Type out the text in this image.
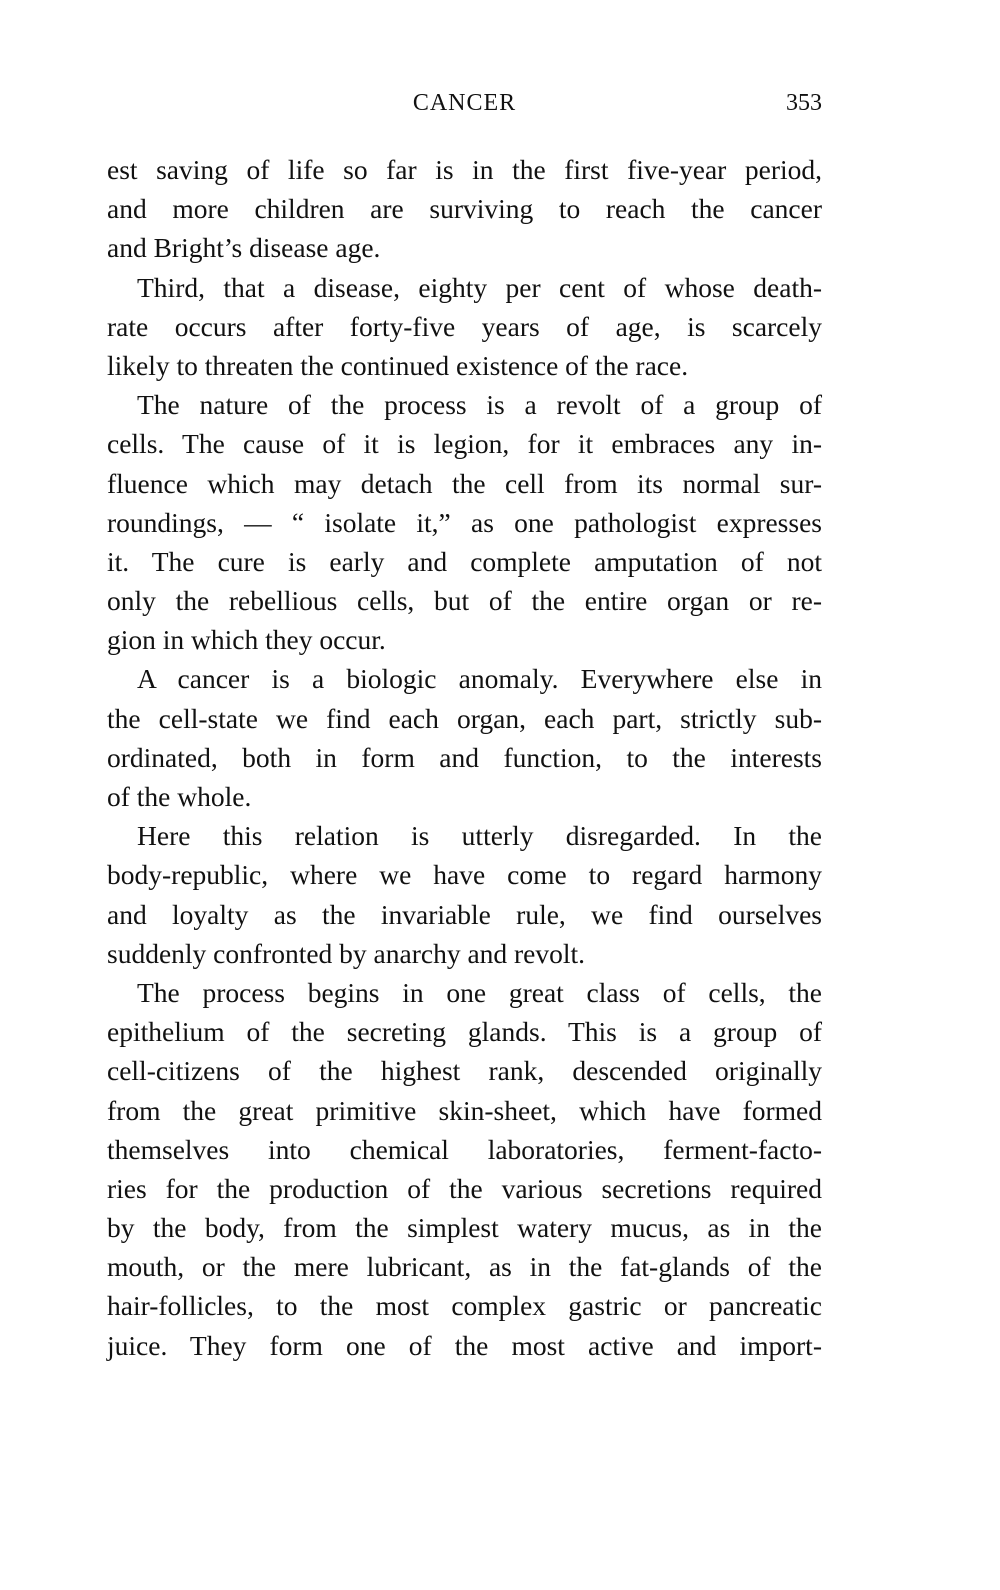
CANCER	353
est saving of life so far is in the first five-year period,
and more children are surviving to reach the cancer
and Bright’s disease age.
Third, that a disease, eighty per cent of whose death-
rate occurs after forty-five years of age, is scarcely
likely to threaten the continued existence of the race.
The nature of the process is a revolt of a group of
cells. The cause of it is legion, for it embraces any in-
fluence which may detach the cell from its normal sur-
roundings, — “ isolate it,” as one pathologist expresses
it. The cure is early and complete amputation of not
only the rebellious cells, but of the entire organ or re-
gion in which they occur.
A cancer is a biologic anomaly. Everywhere else in
the cell-state we find each organ, each part, strictly sub-
ordinated, both in form and function, to the interests
of the whole.
Here this relation is utterly disregarded. In the
body-republic, where we have come to regard harmony
and loyalty as the invariable rule, we find ourselves
suddenly confronted by anarchy and revolt.
The process begins in one great class of cells, the
epithelium of the secreting glands. This is a group of
cell-citizens of the highest rank, descended originally
from the great primitive skin-sheet, which have formed
themselves into chemical laboratories, ferment-facto-
ries for the production of the various secretions required
by the body, from the simplest watery mucus, as in the
mouth, or the mere lubricant, as in the fat-glands of the
hair-follicles, to the most complex gastric or pancreatic
juice. They form one of the most active and import-
